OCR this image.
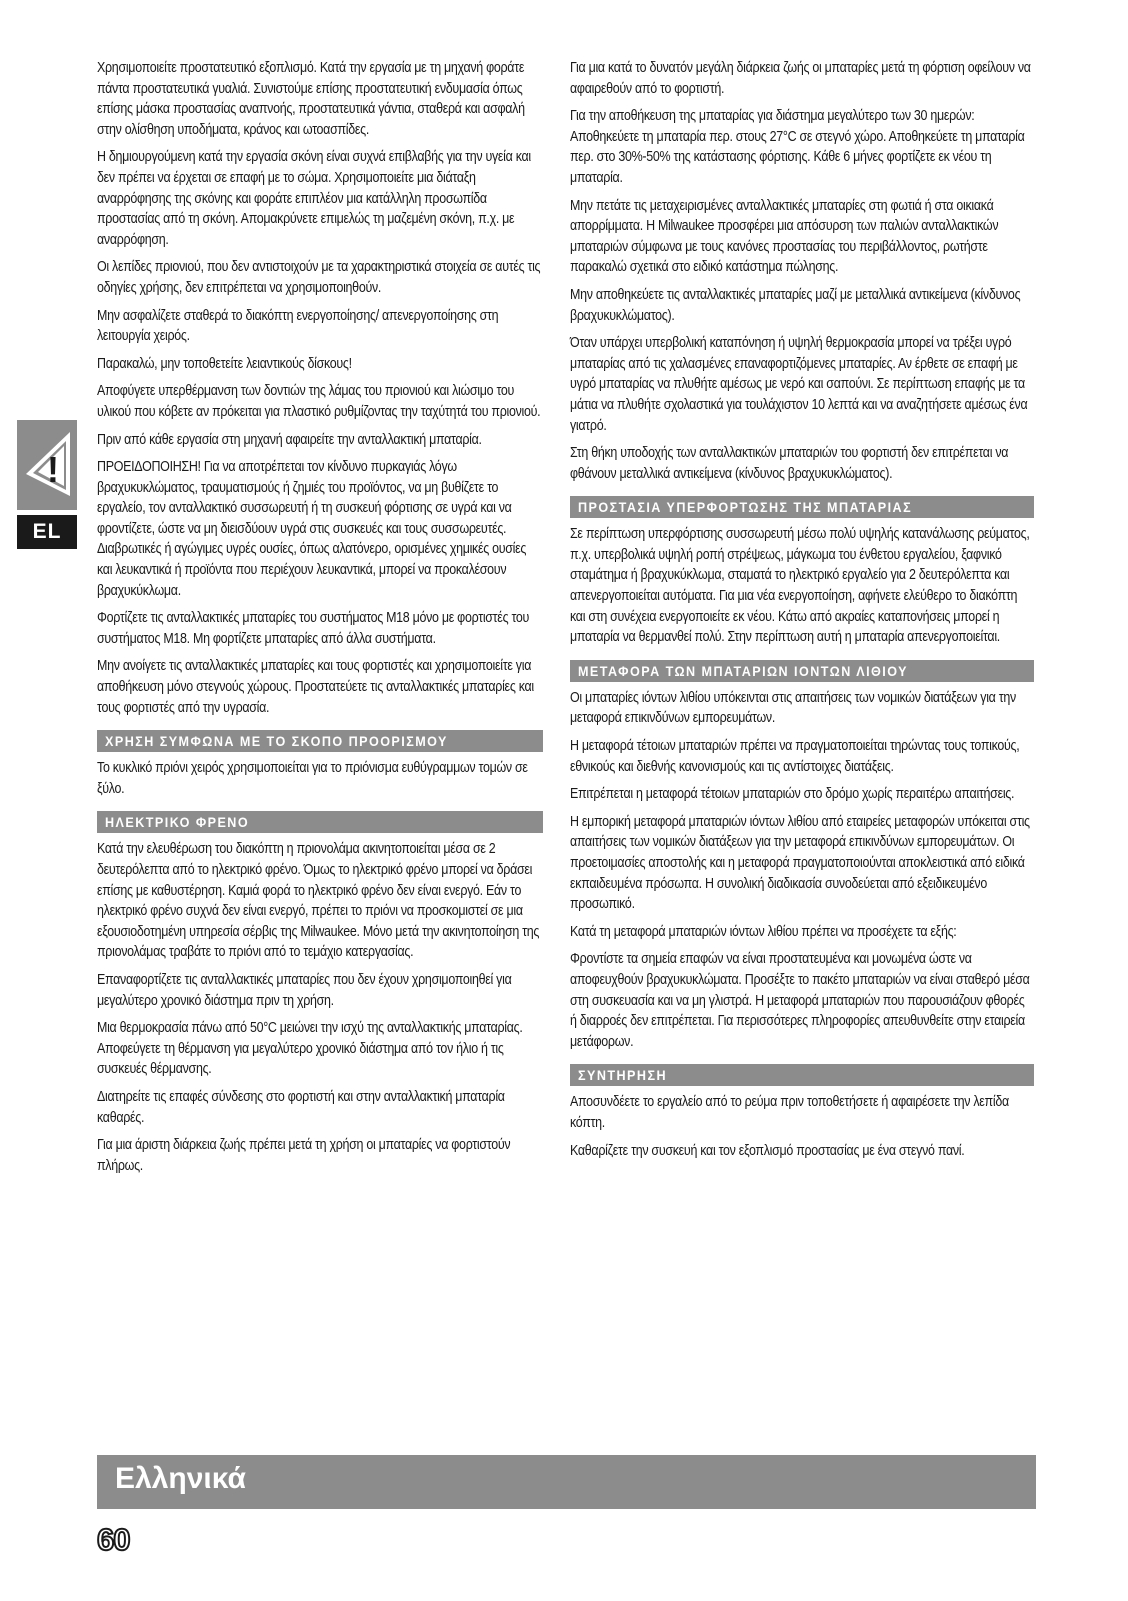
!
EL

Χρησιμοποιείτε προστατευτικό εξοπλισμό. Κατά την εργασία με τη μηχανή φοράτε πάντα προστατευτικά γυαλιά. Συνιστούμε επίσης προστατευτική ενδυμασία όπως επίσης μάσκα προστασίας αναπνοής, προστατευτικά γάντια, σταθερά και ασφαλή στην ολίσθηση υποδήματα, κράνος και ωτοασπίδες.

Η δημιουργούμενη κατά την εργασία σκόνη είναι συχνά επιβλαβής για την υγεία και δεν πρέπει να έρχεται σε επαφή με το σώμα. Χρησιμοποιείτε μια διάταξη αναρρόφησης της σκόνης και φοράτε επιπλέον μια κατάλληλη προσωπίδα προστασίας από τη σκόνη. Απομακρύνετε επιμελώς τη μαζεμένη σκόνη, π.χ. με αναρρόφηση.

Οι λεπίδες πριονιού, που δεν αντιστοιχούν με τα χαρακτηριστικά στοιχεία σε αυτές τις οδηγίες χρήσης, δεν επιτρέπεται να χρησιμοποιηθούν.

Μην ασφαλίζετε σταθερά το διακόπτη ενεργοποίησης/ απενεργοποίησης στη λειτουργία χειρός.

Παρακαλώ, μην τοποθετείτε λειαντικούς δίσκους!

Αποφύγετε υπερθέρμανση των δοντιών της λάμας του πριονιού και λιώσιμο του υλικού που κόβετε αν πρόκειται για πλαστικό ρυθμίζοντας την ταχύτητά του πριονιού.

Πριν από κάθε εργασία στη μηχανή αφαιρείτε την ανταλλακτική μπαταρία.

ΠΡΟΕΙΔΟΠΟΙΗΣΗ! Για να αποτρέπεται τον κίνδυνο πυρκαγιάς λόγω βραχυκυκλώματος, τραυματισμούς ή ζημιές του προϊόντος, να μη βυθίζετε το εργαλείο, τον ανταλλακτικό συσσωρευτή ή τη συσκευή φόρτισης σε υγρά και να φροντίζετε, ώστε να μη διεισδύουν υγρά στις συσκευές και τους συσσωρευτές. Διαβρωτικές ή αγώγιμες υγρές ουσίες, όπως αλατόνερο, ορισμένες χημικές ουσίες και λευκαντικά ή προϊόντα που περιέχουν λευκαντικά, μπορεί να προκαλέσουν βραχυκύκλωμα.

Φορτίζετε τις ανταλλακτικές μπαταρίες του συστήματος M18 μόνο με φορτιστές του συστήματος M18. Μη φορτίζετε μπαταρίες από άλλα συστήματα.

Μην ανοίγετε τις ανταλλακτικές μπαταρίες και τους φορτιστές και χρησιμοποιείτε για αποθήκευση μόνο στεγνούς χώρους. Προστατεύετε τις ανταλλακτικές μπαταρίες και τους φορτιστές από την υγρασία.

ΧΡΗΣΗ ΣΥΜΦΩΝΑ ΜΕ ΤΟ ΣΚΟΠΟ ΠΡΟΟΡΙΣΜΟΥ

Το κυκλικό πριόνι χειρός χρησιμοποιείται για το πριόνισμα ευθύγραμμων τομών σε ξύλο.

ΗΛΕΚΤΡΙΚΟ ΦΡΕΝΟ

Κατά την ελευθέρωση του διακόπτη η πριονολάμα ακινητοποιείται μέσα σε 2 δευτερόλεπτα από το ηλεκτρικό φρένο. Όμως το ηλεκτρικό φρένο μπορεί να δράσει επίσης με καθυστέρηση. Καμιά φορά το ηλεκτρικό φρένο δεν είναι ενεργό. Εάν το ηλεκτρικό φρένο συχνά δεν είναι ενεργό, πρέπει το πριόνι να προσκομιστεί σε μια εξουσιοδοτημένη υπηρεσία σέρβις της Milwaukee. Μόνο μετά την ακινητοποίηση της πριονολάμας τραβάτε το πριόνι από το τεμάχιο κατεργασίας.

Επαναφορτίζετε τις ανταλλακτικές μπαταρίες που δεν έχουν χρησιμοποιηθεί για μεγαλύτερο χρονικό διάστημα πριν τη χρήση.

Μια θερμοκρασία πάνω από 50°C μειώνει την ισχύ της ανταλλακτικής μπαταρίας. Αποφεύγετε τη θέρμανση για μεγαλύτερο χρονικό διάστημα από τον ήλιο ή τις συσκευές θέρμανσης.

Διατηρείτε τις επαφές σύνδεσης στο φορτιστή και στην ανταλλακτική μπαταρία καθαρές.

Για μια άριστη διάρκεια ζωής πρέπει μετά τη χρήση οι μπαταρίες να φορτιστούν πλήρως.

Για μια κατά το δυνατόν μεγάλη διάρκεια ζωής οι μπαταρίες μετά τη φόρτιση οφείλουν να αφαιρεθούν από το φορτιστή.

Για την αποθήκευση της μπαταρίας για διάστημα μεγαλύτερο των 30 ημερών: Αποθηκεύετε τη μπαταρία περ. στους 27°C σε στεγνό χώρο. Αποθηκεύετε τη μπαταρία περ. στο 30%-50% της κατάστασης φόρτισης. Κάθε 6 μήνες φορτίζετε εκ νέου τη μπαταρία.

Μην πετάτε τις μεταχειρισμένες ανταλλακτικές μπαταρίες στη φωτιά ή στα οικιακά απορρίμματα. Η Milwaukee προσφέρει μια απόσυρση των παλιών ανταλλακτικών μπαταριών σύμφωνα με τους κανόνες προστασίας του περιβάλλοντος, ρωτήστε παρακαλώ σχετικά στο ειδικό κατάστημα πώλησης.

Μην αποθηκεύετε τις ανταλλακτικές μπαταρίες μαζί με μεταλλικά αντικείμενα (κίνδυνος βραχυκυκλώματος).

Όταν υπάρχει υπερβολική καταπόνηση ή υψηλή θερμοκρασία μπορεί να τρέξει υγρό μπαταρίας από τις χαλασμένες επαναφορτιζόμενες μπαταρίες. Αν έρθετε σε επαφή με υγρό μπαταρίας να πλυθήτε αμέσως με νερό και σαπούνι. Σε περίπτωση επαφής με τα μάτια να πλυθήτε σχολαστικά για τουλάχιστον 10 λεπτά και να αναζητήσετε αμέσως ένα γιατρό.

Στη θήκη υποδοχής των ανταλλακτικών μπαταριών του φορτιστή δεν επιτρέπεται να φθάνουν μεταλλικά αντικείμενα (κίνδυνος βραχυκυκλώματος).

ΠΡΟΣΤΑΣΙΑ ΥΠΕΡΦΟΡΤΩΣΗΣ ΤΗΣ ΜΠΑΤΑΡΙΑΣ

Σε περίπτωση υπερφόρτισης συσσωρευτή μέσω πολύ υψηλής κατανάλωσης ρεύματος, π.χ. υπερβολικά υψηλή ροπή στρέψεως, μάγκωμα του ένθετου εργαλείου, ξαφνικό σταμάτημα ή βραχυκύκλωμα, σταματά το ηλεκτρικό εργαλείο για 2 δευτερόλεπτα και απενεργοποιείται αυτόματα. Για μια νέα ενεργοποίηση, αφήνετε ελεύθερο το διακόπτη και στη συνέχεια ενεργοποιείτε εκ νέου. Κάτω από ακραίες καταπονήσεις μπορεί η μπαταρία να θερμανθεί πολύ. Στην περίπτωση αυτή η μπαταρία απενεργοποιείται.

ΜΕΤΑΦΟΡΑ ΤΩΝ ΜΠΑΤΑΡΙΩΝ ΙΟΝΤΩΝ ΛΙΘΙΟΥ

Οι μπαταρίες ιόντων λιθίου υπόκεινται στις απαιτήσεις των νομικών διατάξεων για την μεταφορά επικινδύνων εμπορευμάτων.

Η μεταφορά τέτοιων μπαταριών πρέπει να πραγματοποιείται τηρώντας τους τοπικούς, εθνικούς και διεθνής κανονισμούς και τις αντίστοιχες διατάξεις.

Επιτρέπεται η μεταφορά τέτοιων μπαταριών στο δρόμο χωρίς περαιτέρω απαιτήσεις.

Η εμπορική μεταφορά μπαταριών ιόντων λιθίου από εταιρείες μεταφορών υπόκειται στις απαιτήσεις των νομικών διατάξεων για την μεταφορά επικινδύνων εμπορευμάτων. Οι προετοιμασίες αποστολής και η μεταφορά πραγματοποιούνται αποκλειστικά από ειδικά εκπαιδευμένα πρόσωπα. Η συνολική διαδικασία συνοδεύεται από εξειδικευμένο προσωπικό.

Κατά τη μεταφορά μπαταριών ιόντων λιθίου πρέπει να προσέχετε τα εξής:

Φροντίστε τα σημεία επαφών να είναι προστατευμένα και μονωμένα ώστε να αποφευχθούν βραχυκυκλώματα. Προσέξτε το πακέτο μπαταριών να είναι σταθερό μέσα στη συσκευασία και να μη γλιστρά. Η μεταφορά μπαταριών που παρουσιάζουν φθορές ή διαρροές δεν επιτρέπεται. Για περισσότερες πληροφορίες απευθυνθείτε στην εταιρεία μετάφορων.

ΣΥΝΤΗΡΗΣΗ

Αποσυνδέετε το εργαλείο από το ρεύμα πριν τοποθετήσετε ή αφαιρέσετε την λεπίδα κόπτη.

Καθαρίζετε την συσκευή και τον εξοπλισμό προστασίας με ένα στεγνό πανί.

Ελληνικά
60
